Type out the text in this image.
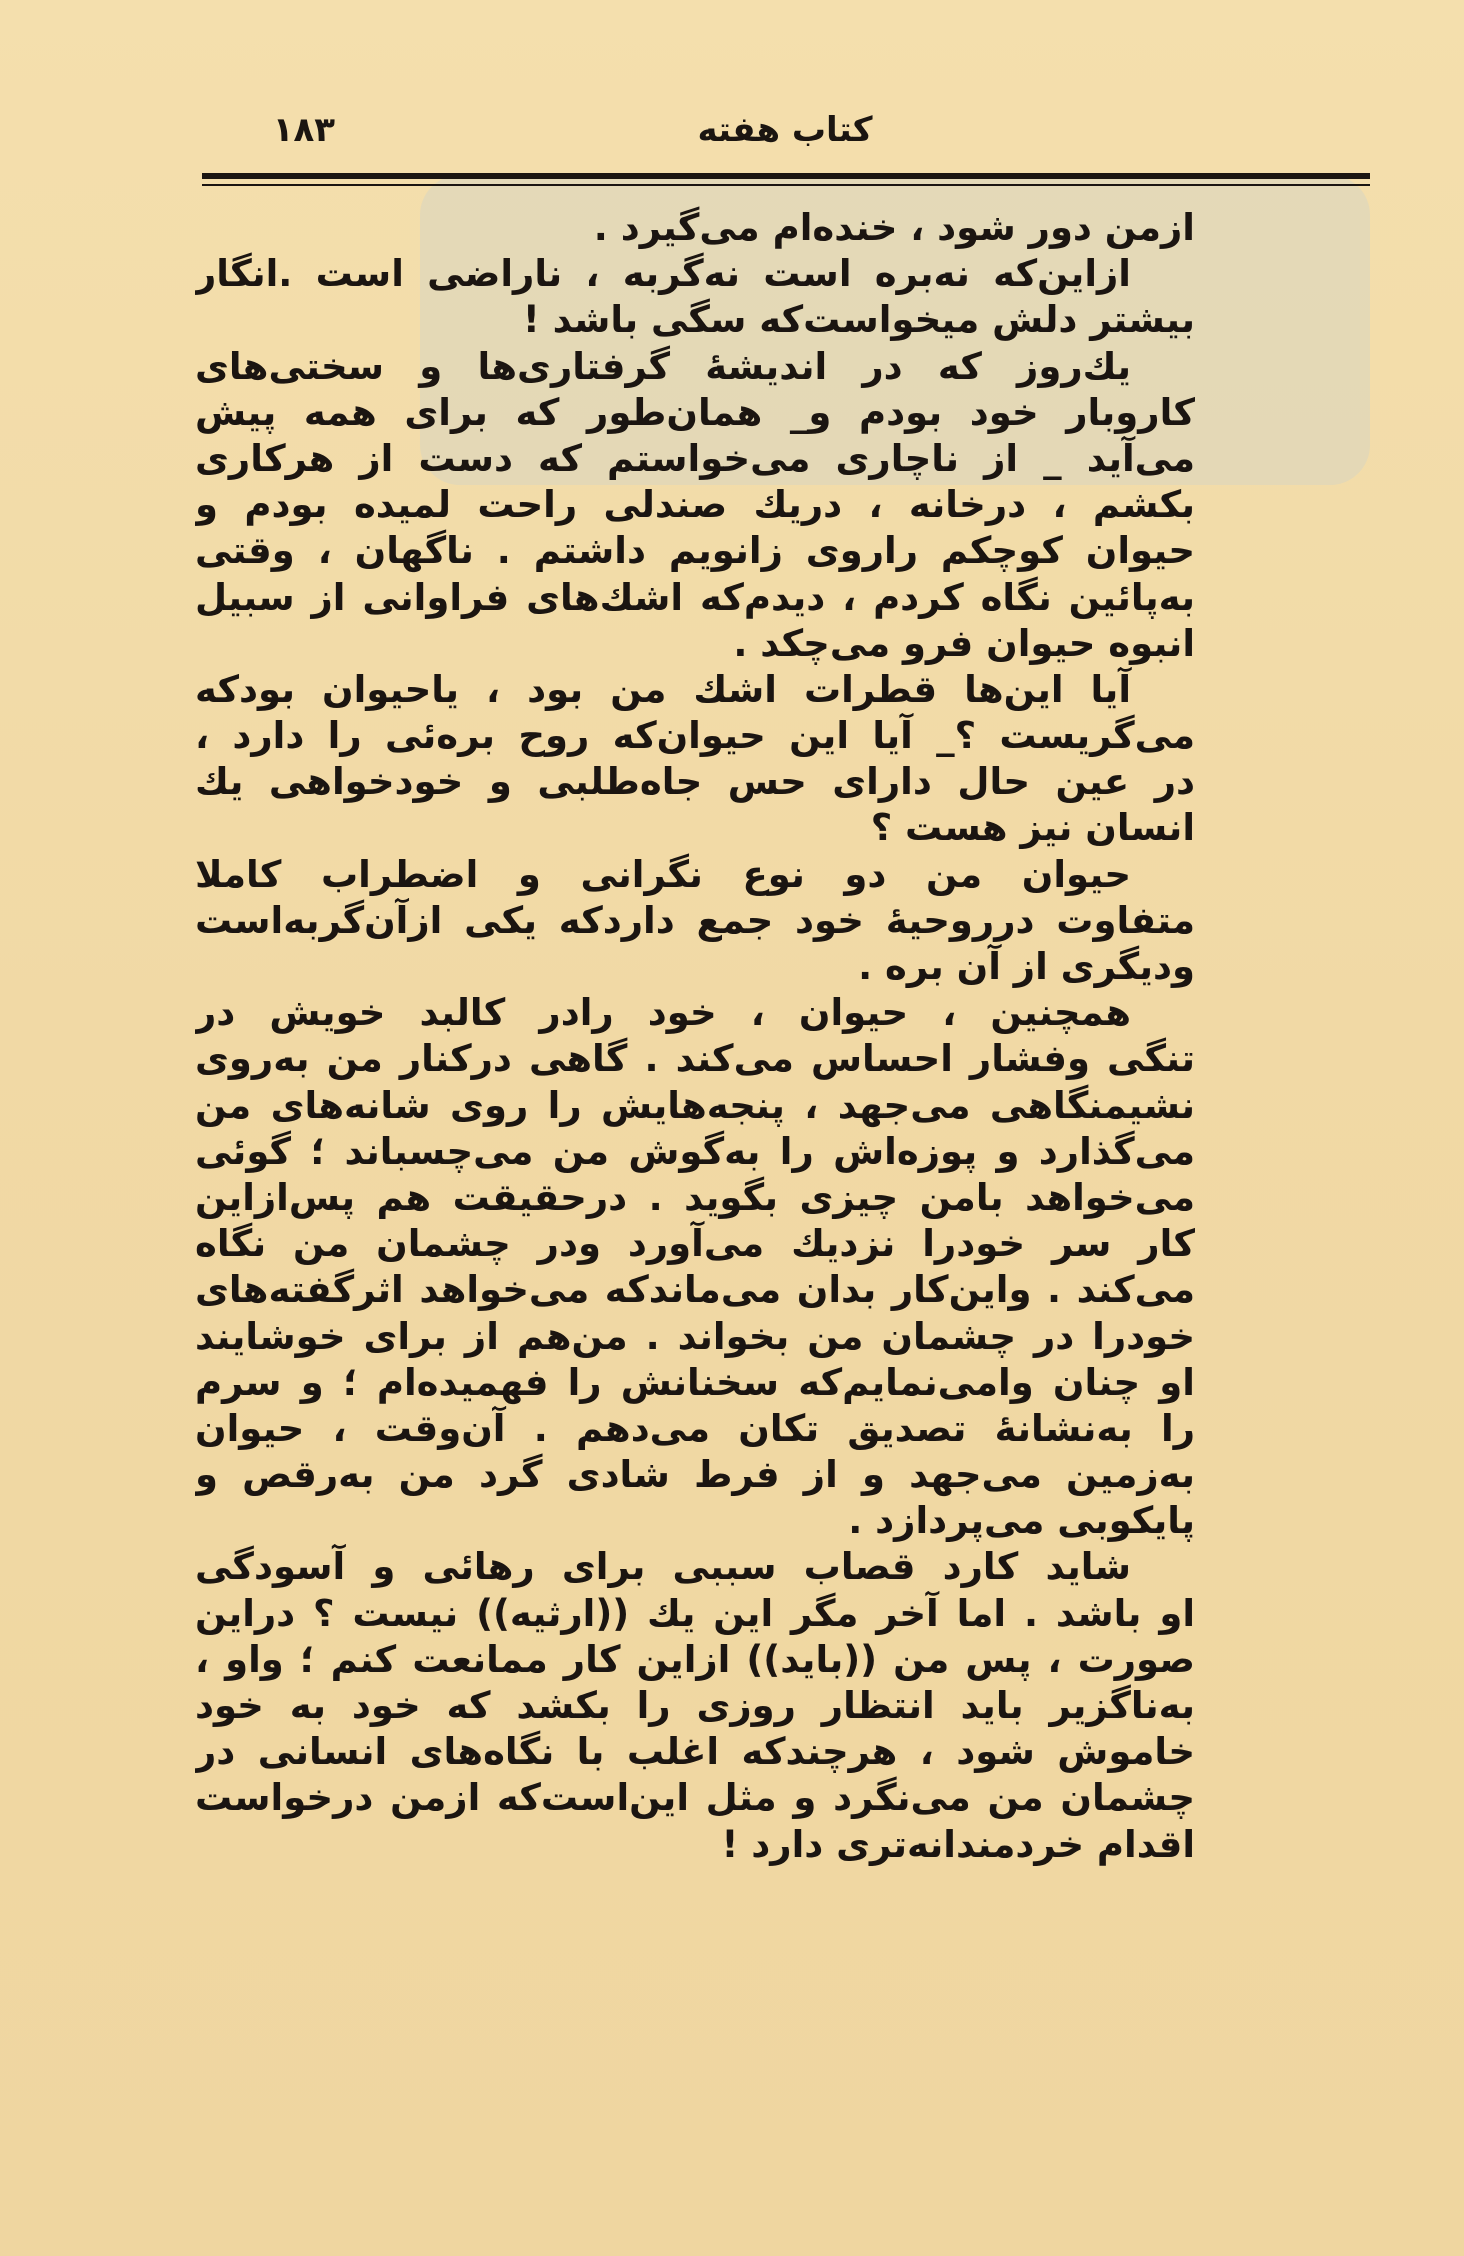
کتاب هفته
۱۸۳
ازمن دور شود ، خنده‌ام می‌گیرد .
ازاین‌که نه‌بره است نه‌گربه ، ناراضی است .انگار
بیشتر دلش میخواست‌که سگی باشد !
یك‌روز که در اندیشهٔ گرفتاری‌ها و سختی‌های
کاروبار خود بودم و_ همان‌طور که برای همه پیش
می‌آید _ از ناچاری می‌خواستم که دست از هرکاری
بکشم ، درخانه ، دریك صندلی راحت لمیده بودم و
حیوان کوچکم راروی زانویم داشتم . ناگهان ، وقتی
به‌پائین نگاه کردم ، دیدم‌که اشك‌های فراوانی از سبیل
انبوه حیوان فرو می‌چکد .
آیا این‌ها قطرات اشك من بود ، یاحیوان بودکه
می‌گریست ؟_ آیا این حیوان‌که روح بره‌ئی را دارد ،
در عین حال دارای حس جاه‌طلبی و خودخواهی یك
انسان نیز هست ؟
حیوان من دو نوع نگرانی و اضطراب کاملا
متفاوت درروحیهٔ خود جمع داردکه یکی ازآن‌گربه‌است
ودیگری از آن بره .
همچنین ، حیوان ، خود رادر کالبد خویش در
تنگی وفشار احساس می‌کند . گاهی درکنار من به‌روی
نشیمنگاهی می‌جهد ، پنجه‌هایش را روی شانه‌های من
می‌گذارد و پوزه‌اش را به‌گوش من می‌چسباند ؛ گوئی
می‌خواهد بامن چیزی بگوید . درحقیقت هم پس‌ازاین
کار سر خودرا نزدیك می‌آورد ودر چشمان من نگاه
می‌کند . واین‌کار بدان می‌ماندکه می‌خواهد اثرگفته‌های
خودرا در چشمان من بخواند . من‌هم از برای خوشایند
او چنان وامی‌نمایم‌که سخنانش را فهمیده‌ام ؛ و سرم
را به‌نشانهٔ تصدیق تکان می‌دهم . آن‌وقت ، حیوان
به‌زمین می‌جهد و از فرط شادی گرد من به‌رقص و
پایکوبی می‌پردازد .
شاید کارد قصاب سببی برای رهائی و آسودگی
او باشد . اما آخر مگر این یك ((ارثیه)) نیست ؟ دراین
صورت ، پس من ((باید)) ازاین کار ممانعت کنم ؛ واو ،
به‌ناگزیر باید انتظار روزی را بکشد که خود به خود
خاموش شود ، هرچندکه اغلب با نگاه‌های انسانی در
چشمان من می‌نگرد و مثل این‌است‌که ازمن درخواست
اقدام خردمندانه‌تری دارد !
